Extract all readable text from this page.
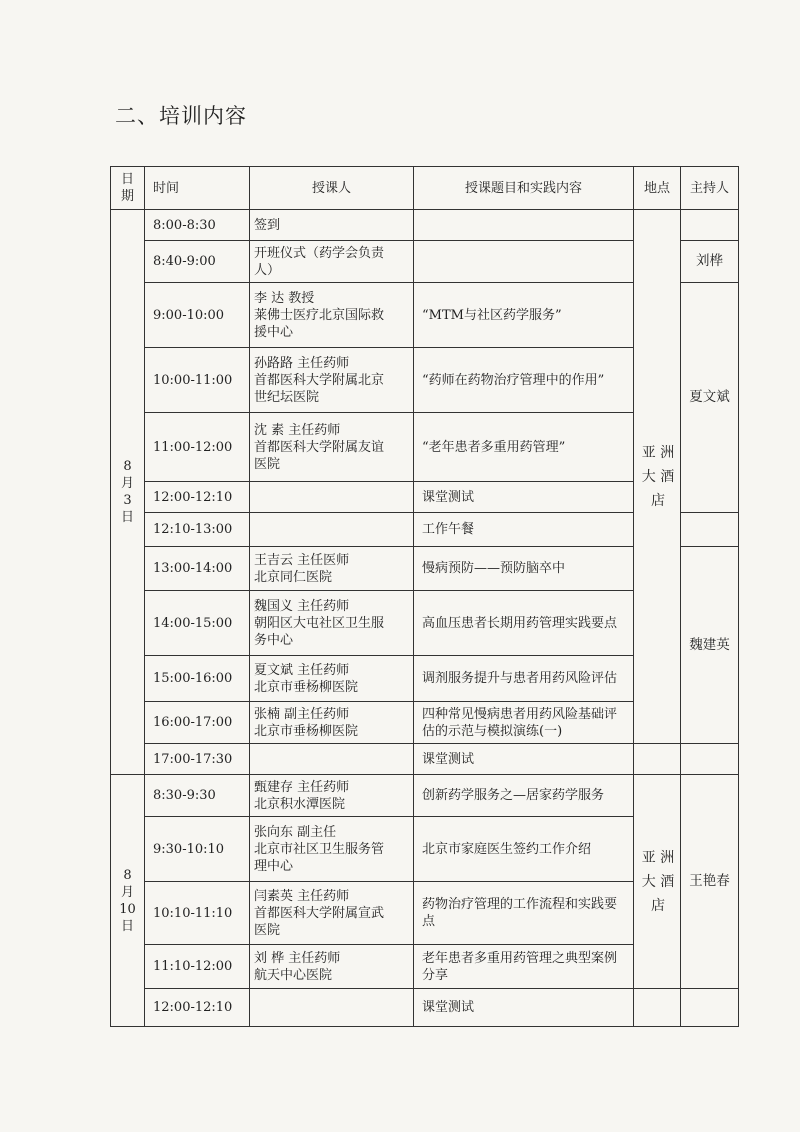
二、培训内容
日
期	时间	授课人	授课题目和实践内容	地点	主持人	

8
月
3
日	8:00-8:30	签到		亚 洲
大 酒
店		

	8:40-9:00	开班仪式（药学会负责
人）			刘桦	
	9:00-10:00	李 达 教授
莱佛士医疗北京国际救
援中心	“MTM与社区药学服务”		夏文斌	
	10:00-11:00	孙路路 主任药师
首都医科大学附属北京
世纪坛医院	“药师在药物治疗管理中的作用”			
	11:00-12:00	沈 素 主任药师
首都医科大学附属友谊
医院	“老年患者多重用药管理”			
	12:00-12:10		课堂测试			
	12:10-13:00		工作午餐			
	13:00-14:00	王吉云 主任医师
北京同仁医院	慢病预防——预防脑卒中		魏建英	
	14:00-15:00	魏国义 主任药师
朝阳区大屯社区卫生服
务中心	高血压患者长期用药管理实践要点			
	15:00-16:00	夏文斌 主任药师
北京市垂杨柳医院	调剂服务提升与患者用药风险评估			
	16:00-17:00	张楠 副主任药师
北京市垂杨柳医院	四种常见慢病患者用药风险基础评估的示范与模拟演练(一)			
	17:00-17:30		课堂测试			

8
月
10
日	8:30-9:30	甄建存 主任药师
北京积水潭医院	创新药学服务之—居家药学服务	亚 洲
大 酒
店	王艳春	
	9:30-10:10	张向东 副主任
北京市社区卫生服务管
理中心	北京市家庭医生签约工作介绍			
	10:10-11:10	闫素英 主任药师
首都医科大学附属宣武
医院	药物治疗管理的工作流程和实践要点			
	11:10-12:00	刘 桦 主任药师
航天中心医院	老年患者多重用药管理之典型案例分享			
	12:00-12:10		课堂测试			
